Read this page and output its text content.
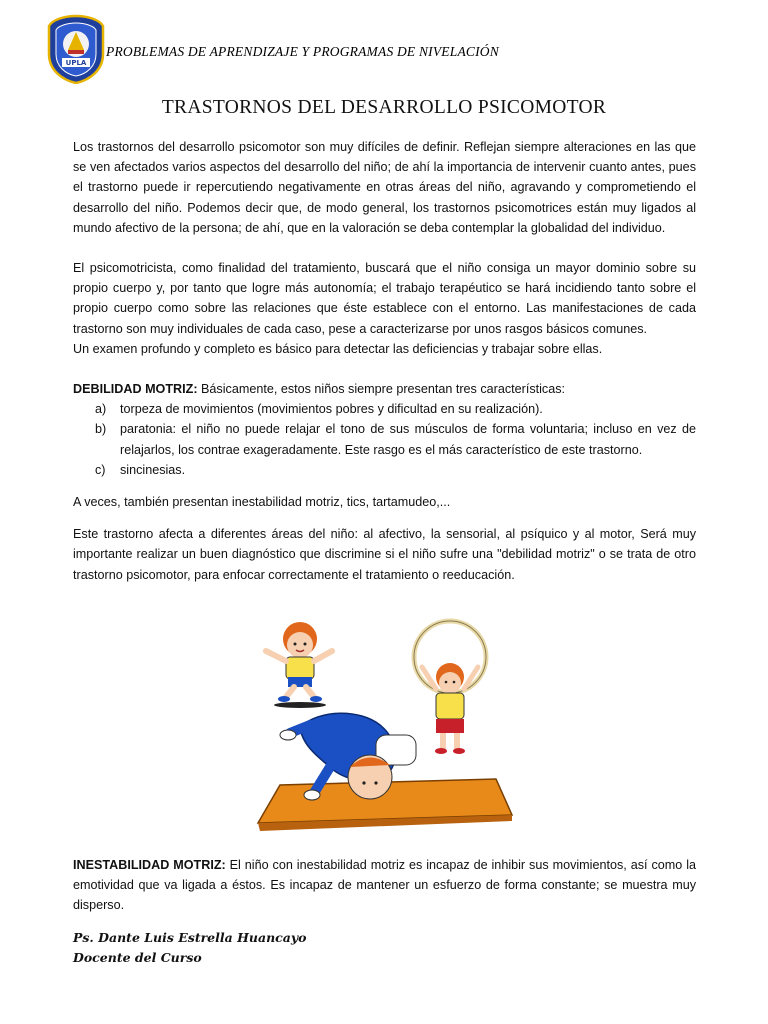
UPLA

PROBLEMAS DE APRENDIZAJE Y PROGRAMAS DE NIVELACIÓN

TRASTORNOS DEL DESARROLLO PSICOMOTOR

Los trastornos del desarrollo psicomotor son muy difíciles de definir. Reflejan siempre alteraciones en las que se ven afectados varios aspectos del desarrollo del niño; de ahí la importancia de intervenir cuanto antes, pues el trastorno puede ir repercutiendo negativamente en otras áreas del niño, agravando y comprometiendo el desarrollo del niño. Podemos decir que, de modo general, los trastornos psicomotrices están muy ligados al mundo afectivo de la persona; de ahí, que en la valoración se deba contemplar la globalidad del individuo.

El psicomotricista, como finalidad del tratamiento, buscará que el niño consiga un mayor dominio sobre su propio cuerpo y, por tanto que logre más autonomía; el trabajo terapéutico se hará incidiendo tanto sobre el propio cuerpo como sobre las relaciones que éste establece con el entorno. Las manifestaciones de cada trastorno son muy individuales de cada caso, pese a caracterizarse por unos rasgos básicos comunes.

Un examen profundo y completo es básico para detectar las deficiencias y trabajar sobre ellas.

DEBILIDAD MOTRIZ: Básicamente, estos niños siempre presentan tres características:

a) torpeza de movimientos (movimientos pobres y dificultad en su realización).
b) paratonia: el niño no puede relajar el tono de sus músculos de forma voluntaria; incluso en vez de relajarlos, los contrae exageradamente. Este rasgo es el más característico de este trastorno.
c) sincinesias.

A veces, también presentan inestabilidad motriz, tics, tartamudeo,...

Este trastorno afecta a diferentes áreas del niño: al afectivo, la sensorial, al psíquico y al motor, Será muy importante realizar un buen diagnóstico que discrimine si el niño sufre una "debilidad motriz" o se trata de otro trastorno psicomotor, para enfocar correctamente el tratamiento o reeducación.

INESTABILIDAD MOTRIZ: El niño con inestabilidad motriz es incapaz de inhibir sus movimientos, así como la emotividad que va ligada a éstos. Es incapaz de mantener un esfuerzo de forma constante; se muestra muy disperso.

Ps. Dante Luis Estrella Huancayo
Docente del Curso
